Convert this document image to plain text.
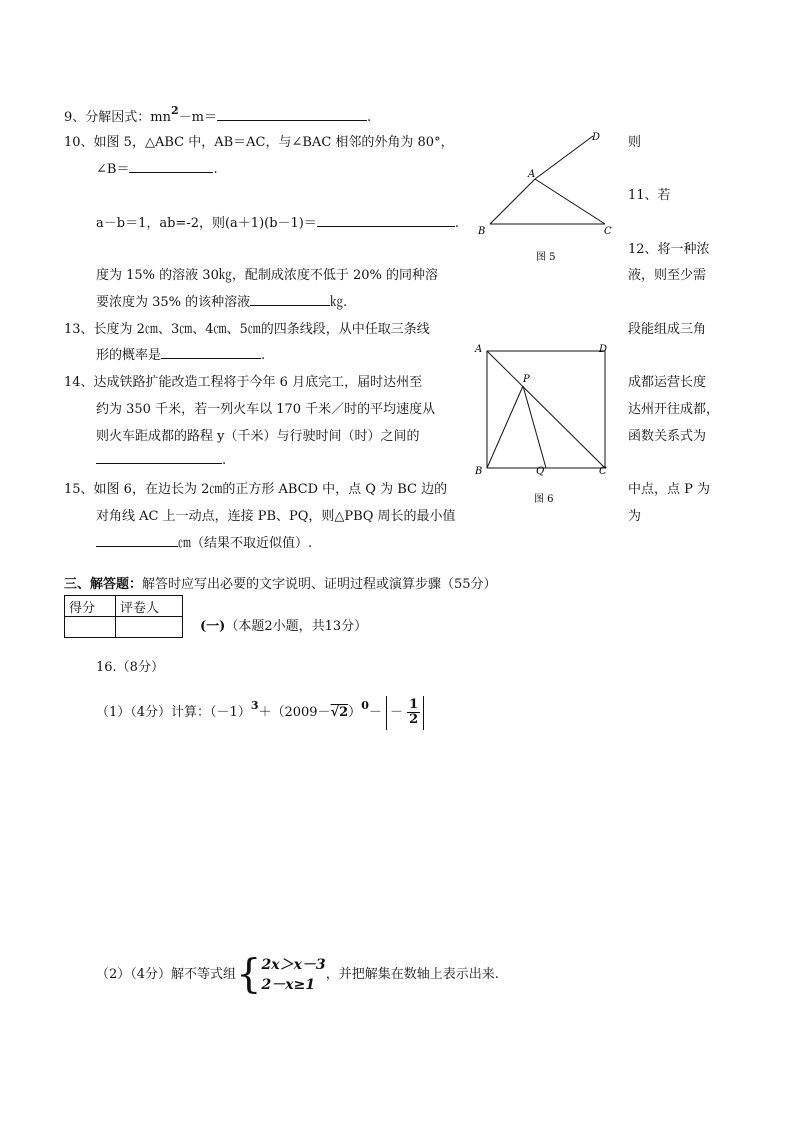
9、分解因式：$mn^2-m=$	.
10、如图 5，△ABC 中，AB＝AC，与∠BAC 相邻的外角为 80°，	则
∠B＝	.
11、若
a－b＝1，ab=-2，则(a＋1)(b－1)＝	.
12、将一种浓
度为 15% 的溶液 30㎏，配制成浓度不低于 20% 的同种溶	液，则至少需
要浓度为 35% 的该种溶液	㎏.
13、长度为 2㎝、3㎝、4㎝、5㎝的四条线段，从中任取三条线	段能组成三角
形的概率是	.
14、达成铁路扩能改造工程将于今年 6 月底完工，届时达州至	成都运营长度
约为 350 千米，若一列火车以 170 千米／时的平均速度从	达州开往成都，
则火车距成都的路程 y（千米）与行驶时间（时）之间的	函数关系式为
.
15、如图 6，在边长为 2㎝的正方形 ABCD 中，点 Q 为 BC 边的	中点，点 P 为
对角线 AC 上一动点，连接 PB、PQ，则△PBQ 周长的最小值	为
㎝（结果不取近似值）.
A
B	C
D
图 5
A	D
B	C
P
Q
图 6
三、解答题：解答时应写出必要的文字说明、证明过程或演算步骤（55分）
得分	评卷人

(一)（本题2小题，共13分）
16.（8分）
（1）（4分）计算：$(-1)^3+(2009-√2)^0- - \frac{1}{2}$
（2）（4分）解不等式组{ 2x＞x－3
2－x≥1
，并把解集在数轴上表示出来.
